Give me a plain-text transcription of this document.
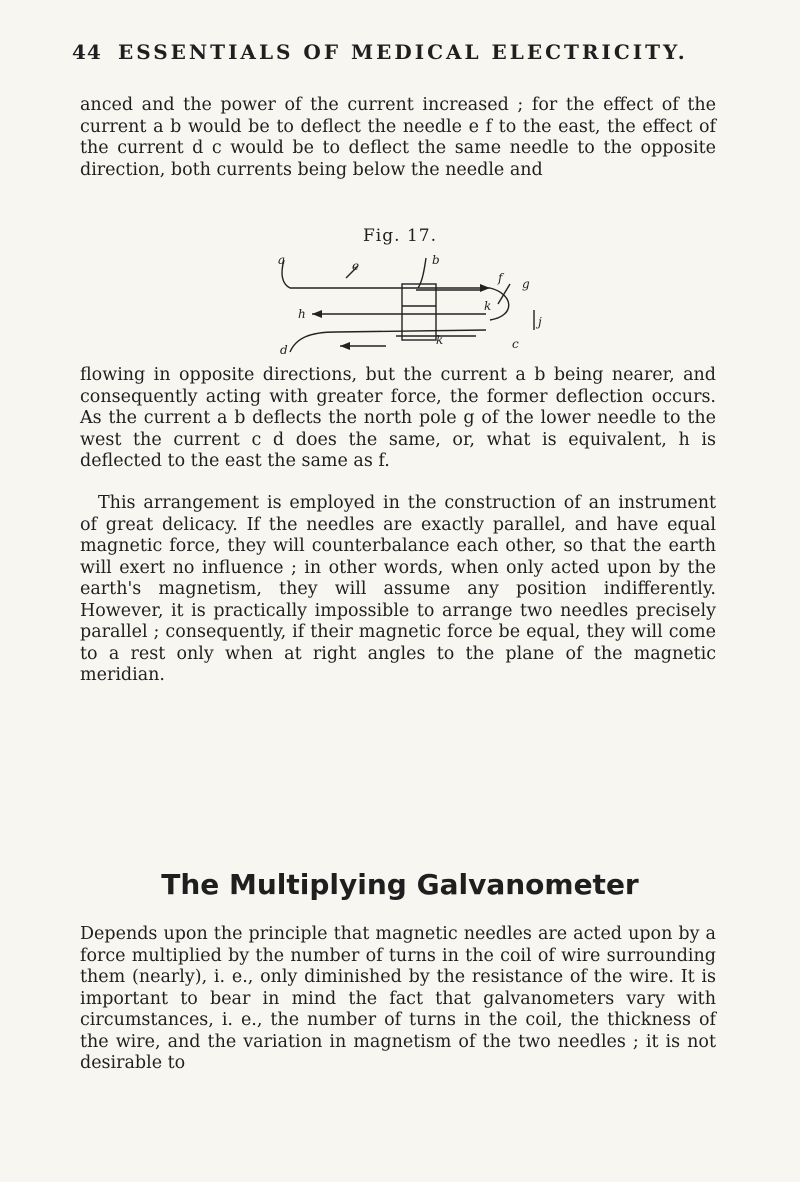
44 ESSENTIALS OF MEDICAL ELECTRICITY.

anced and the power of the current increased ; for the effect of the current a b would be to deflect the needle e f to the east, the effect of the current d c would be to deflect the same needle to the opposite direction, both currents being below the needle and

Fig. 17.
a	b
e
f g
h
k
k
j
c
d

flowing in opposite directions, but the current a b being nearer, and consequently acting with greater force, the former deflection occurs. As the current a b deflects the north pole g of the lower needle to the west the current c d does the same, or, what is equivalent, h is deflected to the east the same as f.

This arrangement is employed in the construction of an instrument of great delicacy. If the needles are exactly parallel, and have equal magnetic force, they will counterbalance each other, so that the earth will exert no influence ; in other words, when only acted upon by the earth's magnetism, they will assume any position indifferently. However, it is practically impossible to arrange two needles precisely parallel ; consequently, if their magnetic force be equal, they will come to a rest only when at right angles to the plane of the magnetic meridian.

The Multiplying Galvanometer

Depends upon the principle that magnetic needles are acted upon by a force multiplied by the number of turns in the coil of wire surrounding them (nearly), i. e., only diminished by the resistance of the wire. It is important to bear in mind the fact that galvanometers vary with circumstances, i. e., the number of turns in the coil, the thickness of the wire, and the variation in magnetism of the two needles ; it is not desirable to
